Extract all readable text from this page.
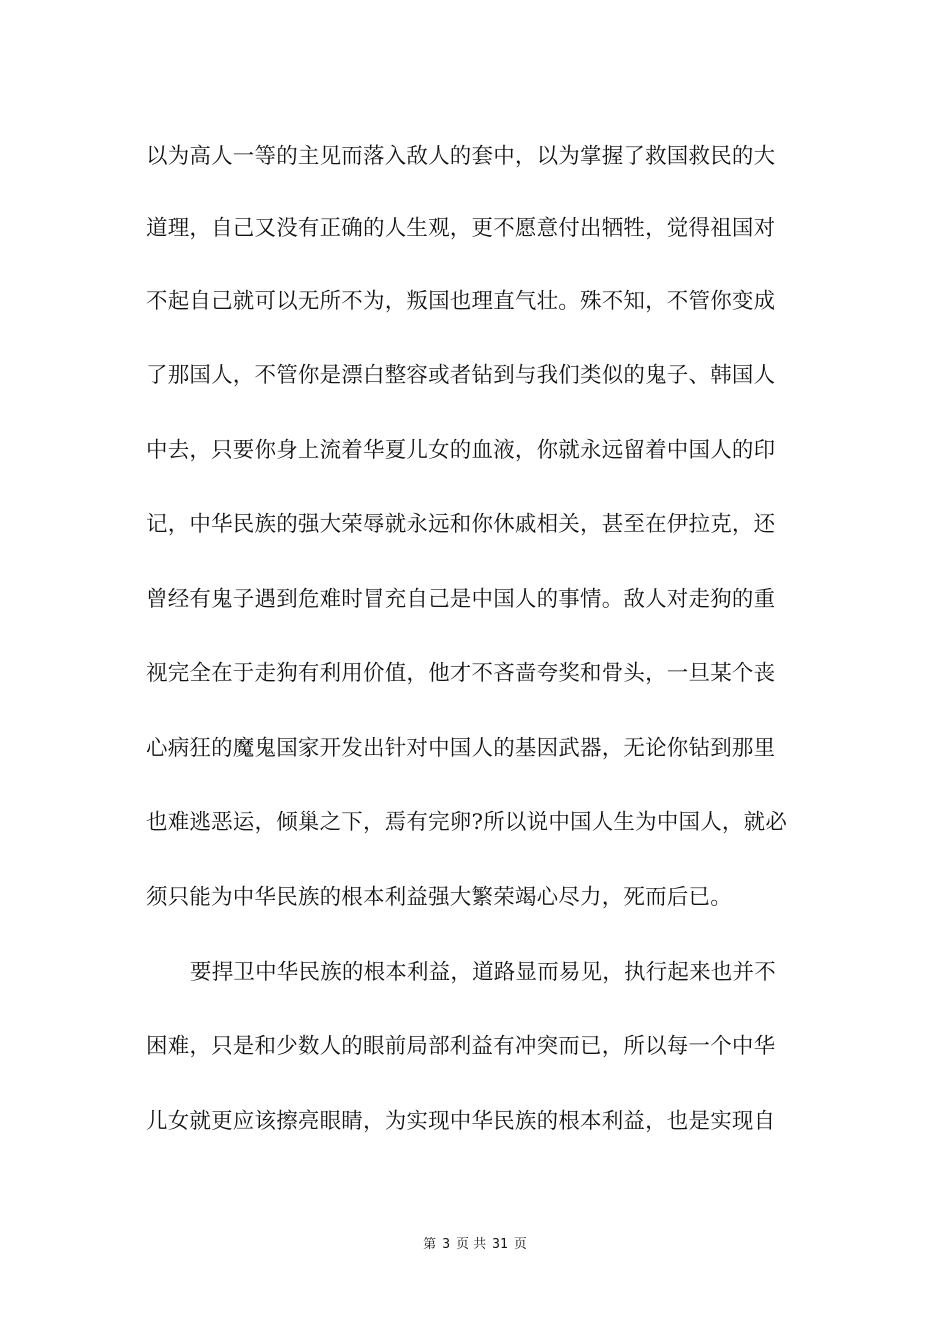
以为高人一等的主见而落入敌人的套中，以为掌握了救国救民的大
道理，自己又没有正确的人生观，更不愿意付出牺牲，觉得祖国对
不起自己就可以无所不为，叛国也理直气壮。殊不知，不管你变成
了那国人，不管你是漂白整容或者钻到与我们类似的鬼子、韩国人
中去，只要你身上流着华夏儿女的血液，你就永远留着中国人的印
记，中华民族的强大荣辱就永远和你休戚相关，甚至在伊拉克，还
曾经有鬼子遇到危难时冒充自己是中国人的事情。敌人对走狗的重
视完全在于走狗有利用价值，他才不吝啬夸奖和骨头，一旦某个丧
心病狂的魔鬼国家开发出针对中国人的基因武器，无论你钻到那里
也难逃恶运，倾巢之下，焉有完卵?所以说中国人生为中国人，就必
须只能为中华民族的根本利益强大繁荣竭心尽力，死而后已。
要捍卫中华民族的根本利益，道路显而易见，执行起来也并不
困难，只是和少数人的眼前局部利益有冲突而已，所以每一个中华
儿女就更应该擦亮眼睛，为实现中华民族的根本利益，也是实现自
第 3 页 共 31 页
